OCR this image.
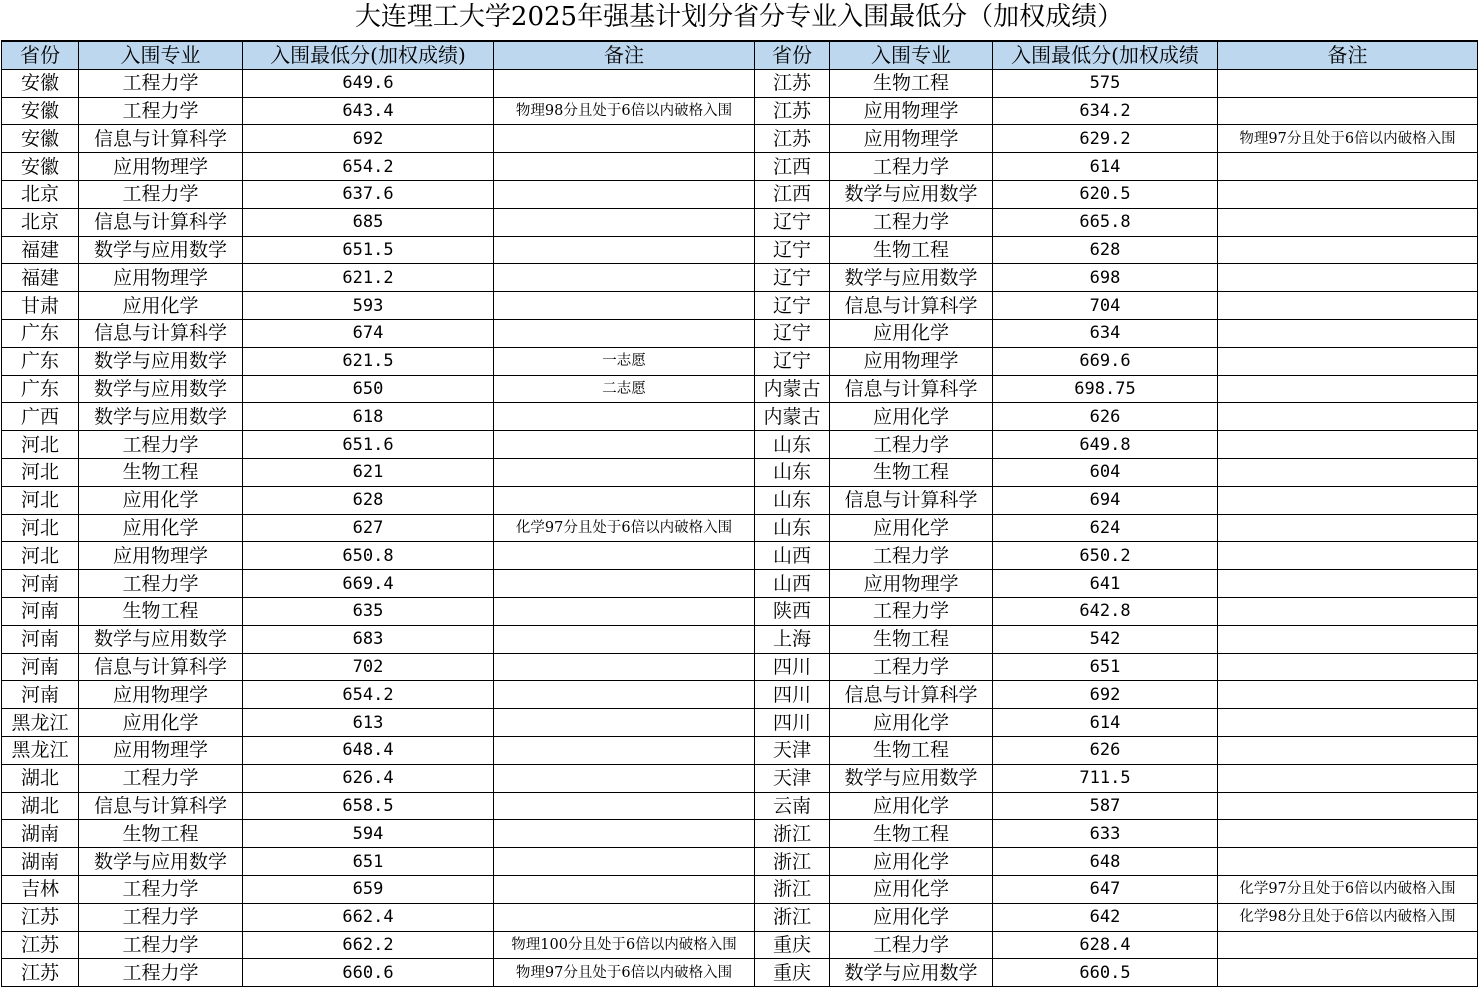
大连理工大学2025年强基计划分省分专业入围最低分（加权成绩）
省份	入围专业	入围最低分(加权成绩)	备注	省份	入围专业	入围最低分(加权成绩	备注
安徽	工程力学	649.6		江苏	生物工程	575	
安徽	工程力学	643.4	物理98分且处于6倍以内破格入围	江苏	应用物理学	634.2	
安徽	信息与计算科学	692		江苏	应用物理学	629.2	物理97分且处于6倍以内破格入围
安徽	应用物理学	654.2		江西	工程力学	614	
北京	工程力学	637.6		江西	数学与应用数学	620.5	
北京	信息与计算科学	685		辽宁	工程力学	665.8	
福建	数学与应用数学	651.5		辽宁	生物工程	628	
福建	应用物理学	621.2		辽宁	数学与应用数学	698	
甘肃	应用化学	593		辽宁	信息与计算科学	704	
广东	信息与计算科学	674		辽宁	应用化学	634	
广东	数学与应用数学	621.5	一志愿	辽宁	应用物理学	669.6	
广东	数学与应用数学	650	二志愿	内蒙古	信息与计算科学	698.75	
广西	数学与应用数学	618		内蒙古	应用化学	626	
河北	工程力学	651.6		山东	工程力学	649.8	
河北	生物工程	621		山东	生物工程	604	
河北	应用化学	628		山东	信息与计算科学	694	
河北	应用化学	627	化学97分且处于6倍以内破格入围	山东	应用化学	624	
河北	应用物理学	650.8		山西	工程力学	650.2	
河南	工程力学	669.4		山西	应用物理学	641	
河南	生物工程	635		陕西	工程力学	642.8	
河南	数学与应用数学	683		上海	生物工程	542	
河南	信息与计算科学	702		四川	工程力学	651	
河南	应用物理学	654.2		四川	信息与计算科学	692	
黑龙江	应用化学	613		四川	应用化学	614	
黑龙江	应用物理学	648.4		天津	生物工程	626	
湖北	工程力学	626.4		天津	数学与应用数学	711.5	
湖北	信息与计算科学	658.5		云南	应用化学	587	
湖南	生物工程	594		浙江	生物工程	633	
湖南	数学与应用数学	651		浙江	应用化学	648	
吉林	工程力学	659		浙江	应用化学	647	化学97分且处于6倍以内破格入围
江苏	工程力学	662.4		浙江	应用化学	642	化学98分且处于6倍以内破格入围
江苏	工程力学	662.2	物理100分且处于6倍以内破格入围	重庆	工程力学	628.4	
江苏	工程力学	660.6	物理97分且处于6倍以内破格入围	重庆	数学与应用数学	660.5	
